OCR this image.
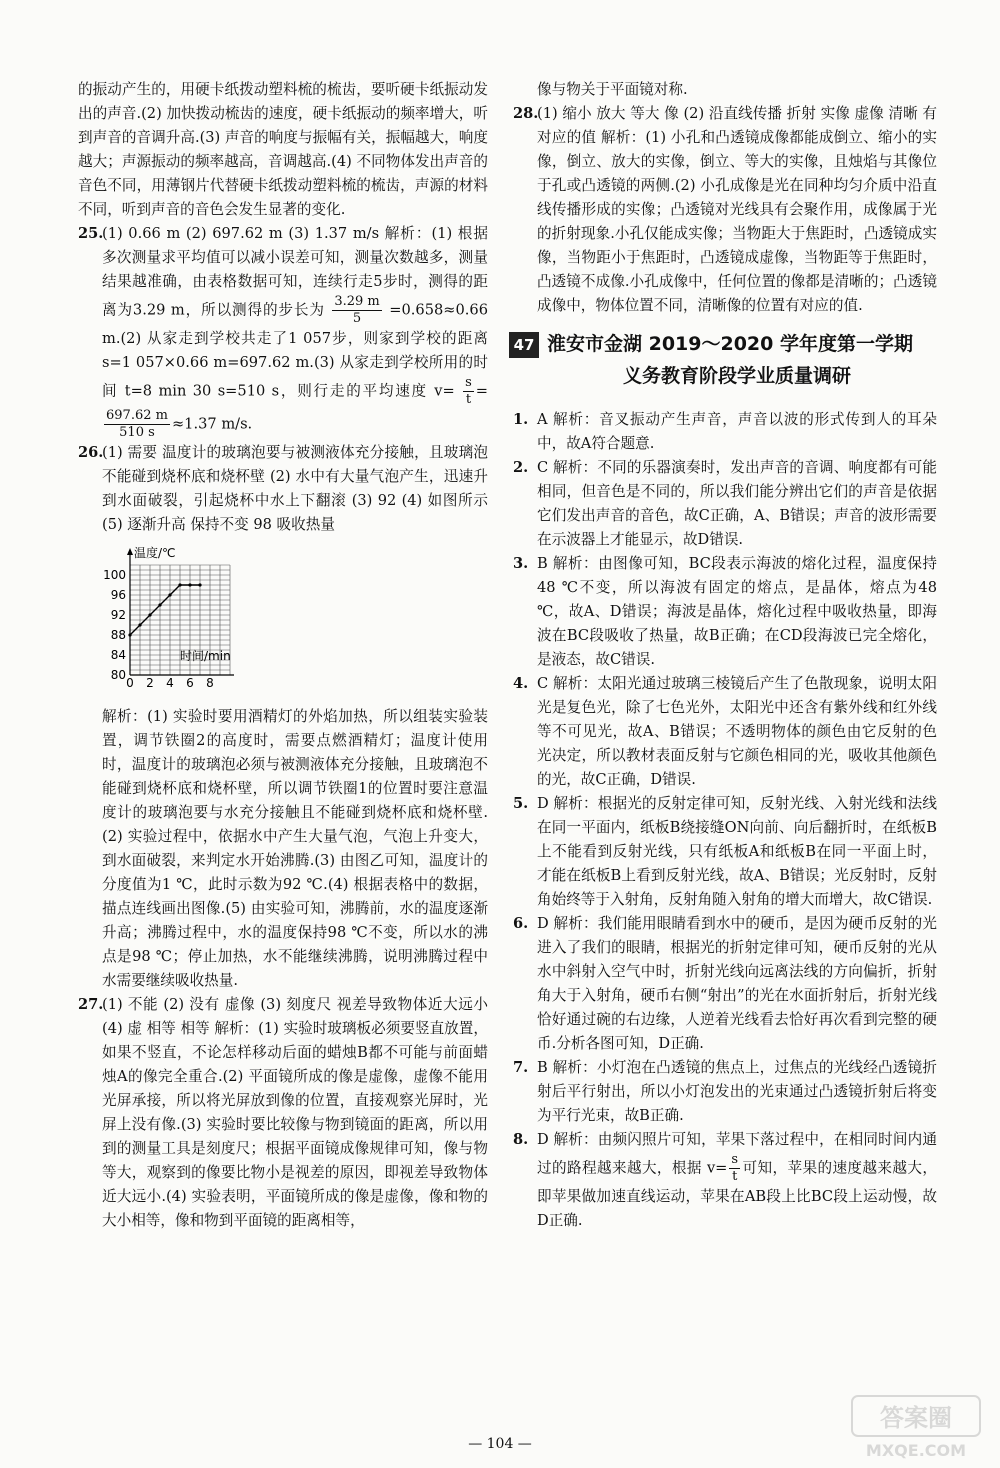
的振动产生的，用硬卡纸拨动塑料梳的梳齿，要听硬卡纸振动发出的声音.(2) 加快拨动梳齿的速度，硬卡纸振动的频率增大，听到声音的音调升高.(3) 声音的响度与振幅有关，振幅越大，响度越大；声源振动的频率越高，音调越高.(4) 不同物体发出声音的音色不同，用薄钢片代替硬卡纸拨动塑料梳的梳齿，声源的材料不同，听到声音的音色会发生显著的变化.
25.
(1) 0.66 m (2) 697.62 m (3) 1.37 m/s 解析：(1) 根据多次测量求平均值可以减小误差可知，测量次数越多，测量结果越准确，由表格数据可知，连续行走5步时，测得的距离为3.29 m，所以测得的步长为 $\frac{3.29 m}{5} =0.658\approx 0.66$ m.(2) 从家走到学校共走了1 057步，则家到学校的距离 s=1 057×0.66 m=697.62 m.(3) 从家走到学校所用的时间 t=8 min 30 s=510 s，则行走的平均速度 $v= \frac{s}{t}$ =
$\frac{697.62 m}{510 s} \approx 1.37$ m/s.
26.
(1) 需要 温度计的玻璃泡要与被测液体充分接触，且玻璃泡不能碰到烧杯底和烧杯壁 (2) 水中有大量气泡产生，迅速升到水面破裂，引起烧杯中水上下翻滚 (3) 92 (4) 如图所示 (5) 逐渐升高 保持不变 98 吸收热量
温度/℃
时间/min
80
84
88
92
96
100
0 2 4 6 8
解析：(1) 实验时要用酒精灯的外焰加热，所以组装实验装置，调节铁圈2的高度时，需要点燃酒精灯；温度计使用时，温度计的玻璃泡必须与被测液体充分接触，且玻璃泡不能碰到烧杯底和烧杯壁，所以调节铁圈1的位置时要注意温度计的玻璃泡要与水充分接触且不能碰到烧杯底和烧杯壁.(2) 实验过程中，依据水中产生大量气泡，气泡上升变大，到水面破裂，来判定水开始沸腾.(3) 由图乙可知，温度计的分度值为1 ℃，此时示数为92 ℃.(4) 根据表格中的数据，描点连线画出图像.(5) 由实验可知，沸腾前，水的温度逐渐升高；沸腾过程中，水的温度保持98 ℃不变，所以水的沸点是98 ℃；停止加热，水不能继续沸腾，说明沸腾过程中水需要继续吸收热量.
27.
(1) 不能 (2) 没有 虚像 (3) 刻度尺 视差导致物体近大远小 (4) 虚 相等 相等 解析：(1) 实验时玻璃板必须要竖直放置，如果不竖直，不论怎样移动后面的蜡烛B都不可能与前面蜡烛A的像完全重合.(2) 平面镜所成的像是虚像，虚像不能用光屏承接，所以将光屏放到像的位置，直接观察光屏时，光屏上没有像.(3) 实验时要比较像与物到镜面的距离，所以用到的测量工具是刻度尺；根据平面镜成像规律可知，像与物等大，观察到的像要比物小是视差的原因，即视差导致物体近大远小.(4) 实验表明，平面镜所成的像是虚像，像和物的大小相等，像和物到平面镜的距离相等，
像与物关于平面镜对称.
28.
(1) 缩小 放大 等大 像 (2) 沿直线传播 折射 实像 虚像 清晰 有对应的值 解析：(1) 小孔和凸透镜成像都能成倒立、缩小的实像，倒立、放大的实像，倒立、等大的实像，且烛焰与其像位于孔或凸透镜的两侧.(2) 小孔成像是光在同种均匀介质中沿直线传播形成的实像；凸透镜对光线具有会聚作用，成像属于光的折射现象.小孔仅能成实像；当物距大于焦距时，凸透镜成实像，当物距小于焦距时，凸透镜成虚像，当物距等于焦距时，凸透镜不成像.小孔成像中，任何位置的像都是清晰的；凸透镜成像中，物体位置不同，清晰像的位置有对应的值.
47 淮安市金湖 2019～2020 学年度第一学期
义务教育阶段学业质量调研
1. A 解析：音叉振动产生声音，声音以波的形式传到人的耳朵中，故A符合题意.
2. C 解析：不同的乐器演奏时，发出声音的音调、响度都有可能相同，但音色是不同的，所以我们能分辨出它们的声音是依据它们发出声音的音色，故C正确，A、B错误；声音的波形需要在示波器上才能显示，故D错误.
3. B 解析：由图像可知，BC段表示海波的熔化过程，温度保持48 ℃不变，所以海波有固定的熔点，是晶体，熔点为48 ℃，故A、D错误；海波是晶体，熔化过程中吸收热量，即海波在BC段吸收了热量，故B正确；在CD段海波已完全熔化，是液态，故C错误.
4. C 解析：太阳光通过玻璃三棱镜后产生了色散现象，说明太阳光是复色光，除了七色光外，太阳光中还含有紫外线和红外线等不可见光，故A、B错误；不透明物体的颜色由它反射的色光决定，所以教材表面反射与它颜色相同的光，吸收其他颜色的光，故C正确，D错误.
5. D 解析：根据光的反射定律可知，反射光线、入射光线和法线在同一平面内，纸板B绕接缝ON向前、向后翻折时，在纸板B上不能看到反射光线，只有纸板A和纸板B在同一平面上时，才能在纸板B上看到反射光线，故A、B错误；光反射时，反射角始终等于入射角，反射角随入射角的增大而增大，故C错误.
6. D 解析：我们能用眼睛看到水中的硬币，是因为硬币反射的光进入了我们的眼睛，根据光的折射定律可知，硬币反射的光从水中斜射入空气中时，折射光线向远离法线的方向偏折，折射角大于入射角，硬币右侧“射出”的光在水面折射后，折射光线恰好通过碗的右边缘，人逆着光线看去恰好再次看到完整的硬币.分析各图可知，D正确.
7. B 解析：小灯泡在凸透镜的焦点上，过焦点的光线经凸透镜折射后平行射出，所以小灯泡发出的光束通过凸透镜折射后将变为平行光束，故B正确.
8. D 解析：由频闪照片可知，苹果下落过程中，在相同时间内通过的路程越来越大，根据 $v= \frac{s}{t}$ 可知，苹果的速度越来越大，即苹果做加速直线运动，苹果在AB段上比BC段上运动慢，故D正确.
— 104 —
答案圈
MXQE.COM
